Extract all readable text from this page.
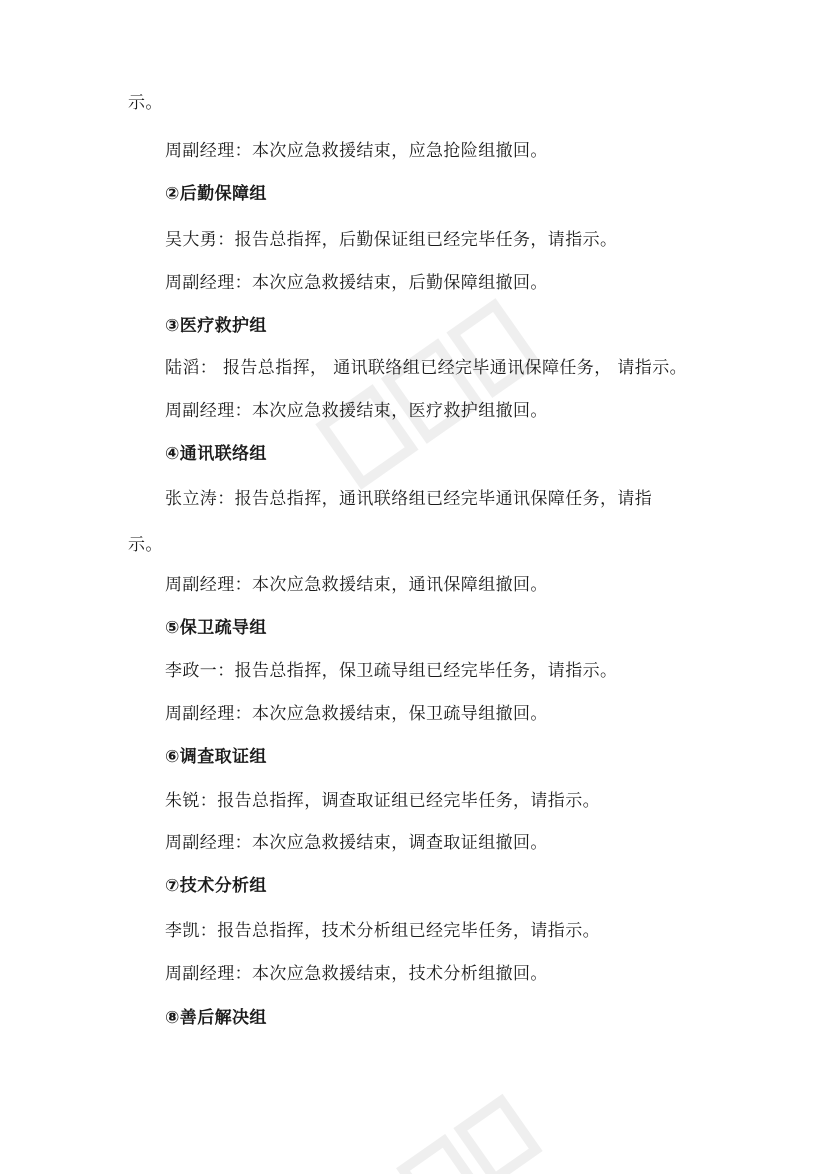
示。
周副经理：本次应急救援结束，应急抢险组撤回。
②后勤保障组
吴大勇：报告总指挥，后勤保证组已经完毕任务，请指示。
周副经理：本次应急救援结束，后勤保障组撤回。
③医疗救护组
陆滔： 报告总指挥， 通讯联络组已经完毕通讯保障任务， 请指示。
周副经理：本次应急救援结束，医疗救护组撤回。
④通讯联络组
张立涛：报告总指挥，通讯联络组已经完毕通讯保障任务，请指
示。
周副经理：本次应急救援结束，通讯保障组撤回。
⑤保卫疏导组
李政一：报告总指挥，保卫疏导组已经完毕任务，请指示。
周副经理：本次应急救援结束，保卫疏导组撤回。
⑥调查取证组
朱锐：报告总指挥，调查取证组已经完毕任务，请指示。
周副经理：本次应急救援结束，调查取证组撤回。
⑦技术分析组
李凯：报告总指挥，技术分析组已经完毕任务，请指示。
周副经理：本次应急救援结束，技术分析组撤回。
⑧善后解决组
